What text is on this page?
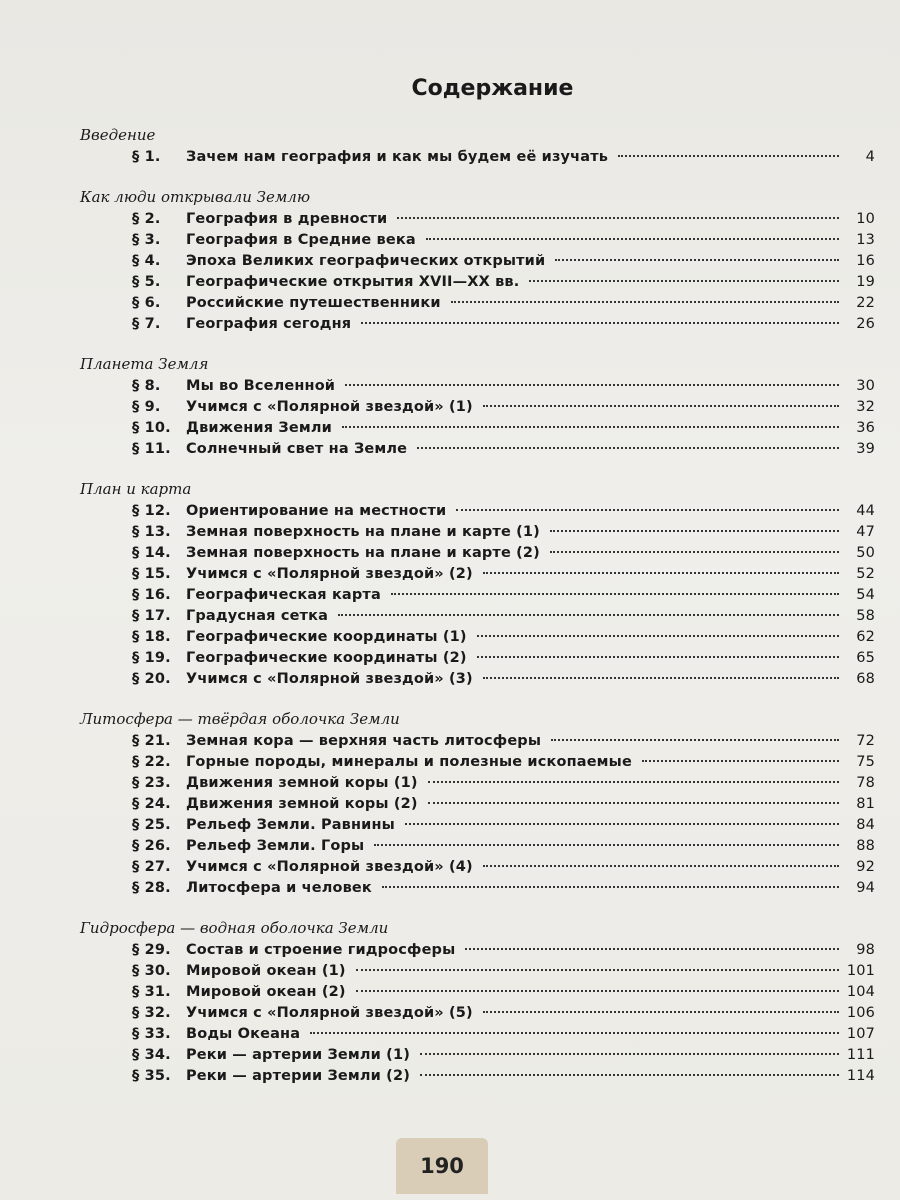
Содержание
Введение
§ 1.	Зачем нам география и как мы будем её изучать	4
Как люди открывали Землю
§ 2.	География в древности	10
§ 3.	География в Средние века	13
§ 4.	Эпоха Великих географических открытий	16
§ 5.	Географические открытия XVII—XX вв.	19
§ 6.	Российские путешественники	22
§ 7.	География сегодня	26
Планета Земля
§ 8.	Мы во Вселенной	30
§ 9.	Учимся с «Полярной звездой» (1)	32
§ 10.	Движения Земли	36
§ 11.	Солнечный свет на Земле	39
План и карта
§ 12.	Ориентирование на местности	44
§ 13.	Земная поверхность на плане и карте (1)	47
§ 14.	Земная поверхность на плане и карте (2)	50
§ 15.	Учимся с «Полярной звездой» (2)	52
§ 16.	Географическая карта	54
§ 17.	Градусная сетка	58
§ 18.	Географические координаты (1)	62
§ 19.	Географические координаты (2)	65
§ 20.	Учимся с «Полярной звездой» (3)	68
Литосфера — твёрдая оболочка Земли
§ 21.	Земная кора — верхняя часть литосферы	72
§ 22.	Горные породы, минералы и полезные ископаемые	75
§ 23.	Движения земной коры (1)	78
§ 24.	Движения земной коры (2)	81
§ 25.	Рельеф Земли. Равнины	84
§ 26.	Рельеф Земли. Горы	88
§ 27.	Учимся с «Полярной звездой» (4)	92
§ 28.	Литосфера и человек	94
Гидросфера — водная оболочка Земли
§ 29.	Состав и строение гидросферы	98
§ 30.	Мировой океан (1)	101
§ 31.	Мировой океан (2)	104
§ 32.	Учимся с «Полярной звездой» (5)	106
§ 33.	Воды Океана	107
§ 34.	Реки — артерии Земли (1)	111
§ 35.	Реки — артерии Земли (2)	114
190
